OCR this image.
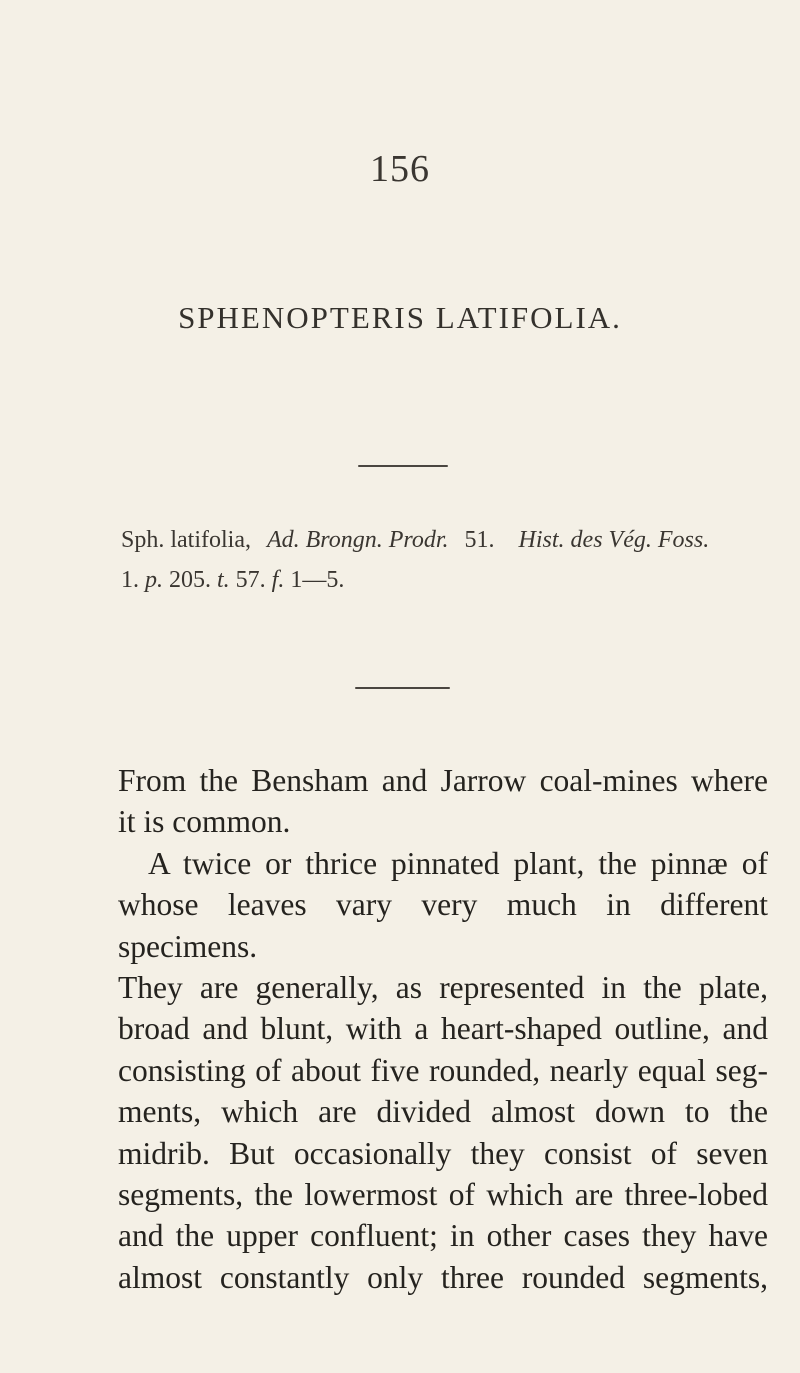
156
SPHENOPTERIS LATIFOLIA.
Sph. latifolia, Ad. Brongn. Prodr. 51. Hist. des Vég. Foss.
1. p. 205. t. 57. f. 1—5.
From the Bensham and Jarrow coal-mines where
it is common.
A twice or thrice pinnated plant, the pinnæ of
whose leaves vary very much in different specimens.
They are generally, as represented in the plate,
broad and blunt, with a heart-shaped outline, and
consisting of about five rounded, nearly equal seg-
ments, which are divided almost down to the
midrib. But occasionally they consist of seven
segments, the lowermost of which are three-lobed
and the upper confluent; in other cases they have
almost constantly only three rounded segments,
